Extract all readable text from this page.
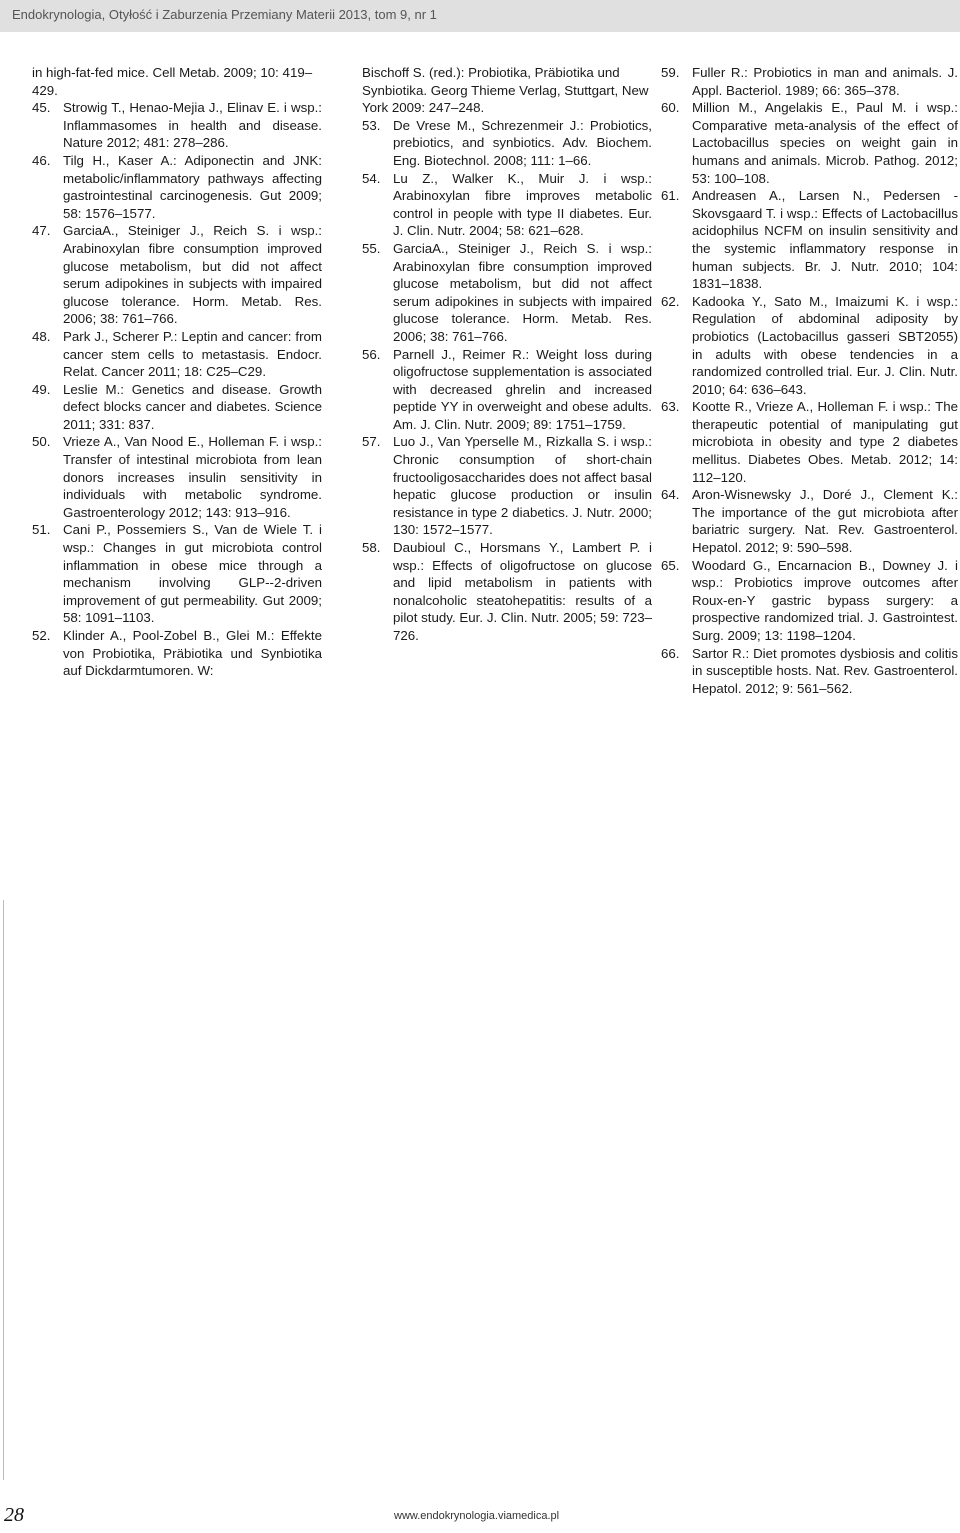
Endokrynologia, Otyłość i Zaburzenia Przemiany Materii 2013, tom 9, nr 1
in high-fat-fed mice. Cell Metab. 2009; 10: 419–429.
45. Strowig T., Henao-Mejia J., Elinav E. i wsp.: Inflammasomes in health and disease. Nature 2012; 481: 278–286.
46. Tilg H., Kaser A.: Adiponectin and JNK: metabolic/inflammatory pathways affecting gastrointestinal carcinogenesis. Gut 2009; 58: 1576–1577.
47. GarciaA., Steiniger J., Reich S. i wsp.: Arabinoxylan fibre consumption improved glucose metabolism, but did not affect serum adipokines in subjects with impaired glucose tolerance. Horm. Metab. Res. 2006; 38: 761–766.
48. Park J., Scherer P.: Leptin and cancer: from cancer stem cells to metastasis. Endocr. Relat. Cancer 2011; 18: C25–C29.
49. Leslie M.: Genetics and disease. Growth defect blocks cancer and diabetes. Science 2011; 331: 837.
50. Vrieze A., Van Nood E., Holleman F. i wsp.: Transfer of intestinal microbiota from lean donors increases insulin sensitivity in individuals with metabolic syndrome. Gastroenterology 2012; 143: 913–916.
51. Cani P., Possemiers S., Van de Wiele T. i wsp.: Changes in gut microbiota control inflammation in obese mice through a mechanism involving GLP--2-driven improvement of gut permeability. Gut 2009; 58: 1091–1103.
52. Klinder A., Pool-Zobel B., Glei M.: Effekte von Probiotika, Präbiotika und Synbiotika auf Dickdarmtumoren. W:
Bischoff S. (red.): Probiotika, Präbiotika und Synbiotika. Georg Thieme Verlag, Stuttgart, New York 2009: 247–248.
53. De Vrese M., Schrezenmeir J.: Probiotics, prebiotics, and synbiotics. Adv. Biochem. Eng. Biotechnol. 2008; 111: 1–66.
54. Lu Z., Walker K., Muir J. i wsp.: Arabinoxylan fibre improves metabolic control in people with type II diabetes. Eur. J. Clin. Nutr. 2004; 58: 621–628.
55. GarciaA., Steiniger J., Reich S. i wsp.: Arabinoxylan fibre consumption improved glucose metabolism, but did not affect serum adipokines in subjects with impaired glucose tolerance. Horm. Metab. Res. 2006; 38: 761–766.
56. Parnell J., Reimer R.: Weight loss during oligofructose supplementation is associated with decreased ghrelin and increased peptide YY in overweight and obese adults. Am. J. Clin. Nutr. 2009; 89: 1751–1759.
57. Luo J., Van Yperselle M., Rizkalla S. i wsp.: Chronic consumption of short-chain fructooligosaccharides does not affect basal hepatic glucose production or insulin resistance in type 2 diabetics. J. Nutr. 2000; 130: 1572–1577.
58. Daubioul C., Horsmans Y., Lambert P. i wsp.: Effects of oligofructose on glucose and lipid metabolism in patients with nonalcoholic steatohepatitis: results of a pilot study. Eur. J. Clin. Nutr. 2005; 59: 723–726.
59. Fuller R.: Probiotics in man and animals. J. Appl. Bacteriol. 1989; 66: 365–378.
60. Million M., Angelakis E., Paul M. i wsp.: Comparative meta-analysis of the effect of Lactobacillus species on weight gain in humans and animals. Microb. Pathog. 2012; 53: 100–108.
61. Andreasen A., Larsen N., Pedersen -Skovsgaard T. i wsp.: Effects of Lactobacillus acidophilus NCFM on insulin sensitivity and the systemic inflammatory response in human subjects. Br. J. Nutr. 2010; 104: 1831–1838.
62. Kadooka Y., Sato M., Imaizumi K. i wsp.: Regulation of abdominal adiposity by probiotics (Lactobacillus gasseri SBT2055) in adults with obese tendencies in a randomized controlled trial. Eur. J. Clin. Nutr. 2010; 64: 636–643.
63. Kootte R., Vrieze A., Holleman F. i wsp.: The therapeutic potential of manipulating gut microbiota in obesity and type 2 diabetes mellitus. Diabetes Obes. Metab. 2012; 14: 112–120.
64. Aron-Wisnewsky J., Doré J., Clement K.: The importance of the gut microbiota after bariatric surgery. Nat. Rev. Gastroenterol. Hepatol. 2012; 9: 590–598.
65. Woodard G., Encarnacion B., Downey J. i wsp.: Probiotics improve outcomes after Roux-en-Y gastric bypass surgery: a prospective randomized trial. J. Gastrointest. Surg. 2009; 13: 1198–1204.
66. Sartor R.: Diet promotes dysbiosis and colitis in susceptible hosts. Nat. Rev. Gastroenterol. Hepatol. 2012; 9: 561–562.
28	www.endokrynologia.viamedica.pl
